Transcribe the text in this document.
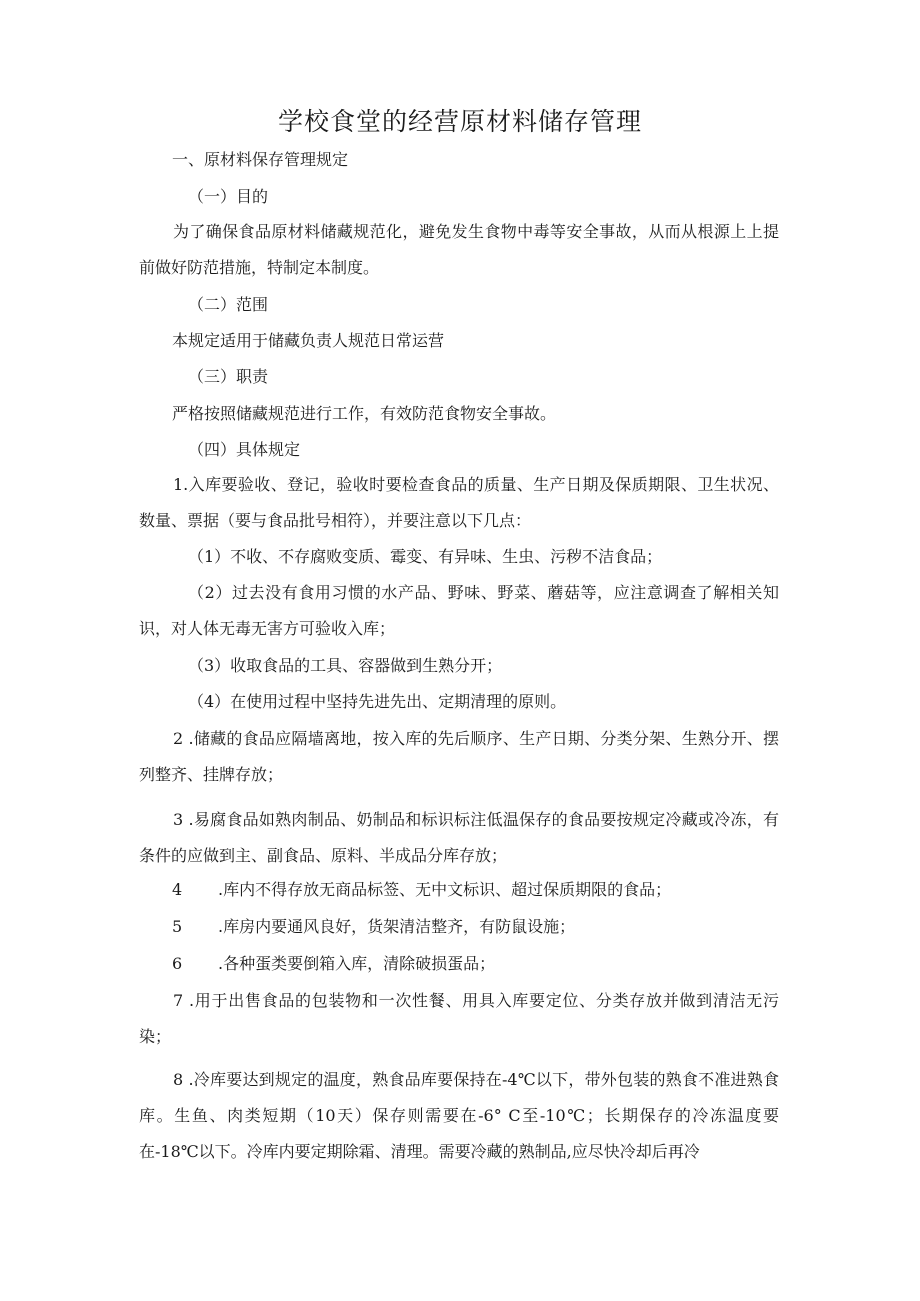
学校食堂的经营原材料储存管理

一、原材料保存管理规定

（一）目的

为了确保食品原材料储藏规范化，避免发生食物中毒等安全事故，从而从根源上上提前做好防范措施，特制定本制度。

（二）范围

本规定适用于储藏负责人规范日常运营

（三）职责

严格按照储藏规范进行工作，有效防范食物安全事故。

（四）具体规定

1.入库要验收、登记，验收时要检查食品的质量、生产日期及保质期限、卫生状况、数量、票据（要与食品批号相符），并要注意以下几点：

（1）不收、不存腐败变质、霉变、有异味、生虫、污秽不洁食品；

（2）过去没有食用习惯的水产品、野味、野菜、蘑菇等，应注意调查了解相关知识，对人体无毒无害方可验收入库；

（3）收取食品的工具、容器做到生熟分开；

（4）在使用过程中坚持先进先出、定期清理的原则。

2 .储藏的食品应隔墙离地，按入库的先后顺序、生产日期、分类分架、生熟分开、摆列整齐、挂牌存放；

3 .易腐食品如熟肉制品、奶制品和标识标注低温保存的食品要按规定冷藏或冷冻，有条件的应做到主、副食品、原料、半成品分库存放；

4 .库内不得存放无商品标签、无中文标识、超过保质期限的食品；

5 .库房内要通风良好，货架清洁整齐，有防鼠设施；

6 .各种蛋类要倒箱入库，清除破损蛋品；

7 .用于出售食品的包装物和一次性餐、用具入库要定位、分类存放并做到清洁无污染；

8 .冷库要达到规定的温度，熟食品库要保持在-4℃以下，带外包装的熟食不准进熟食库。生鱼、肉类短期（10天）保存则需要在-6° C至-10℃；长期保存的冷冻温度要在-18℃以下。冷库内要定期除霜、清理。需要冷藏的熟制品,应尽快冷却后再冷
